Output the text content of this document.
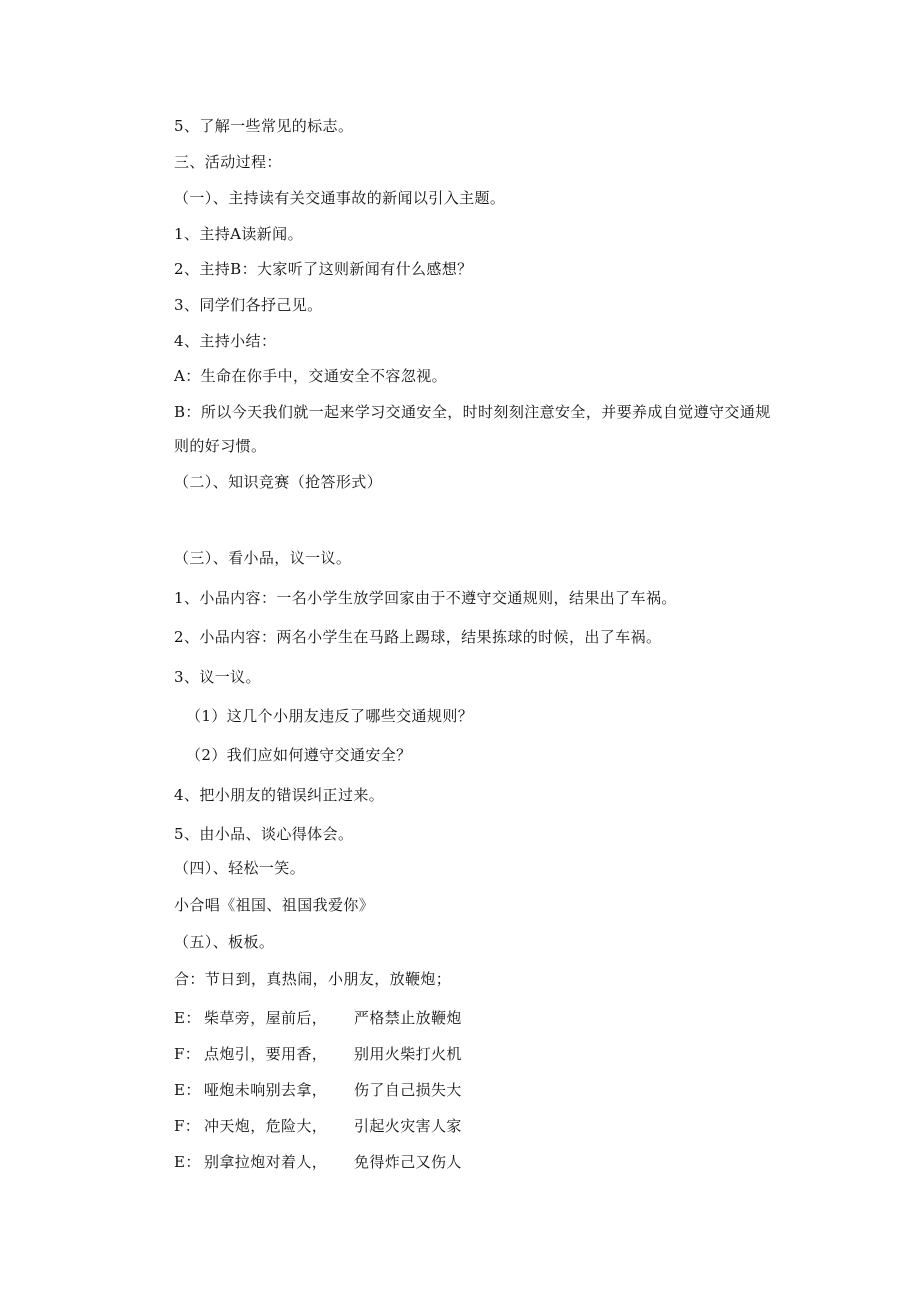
5、了解一些常见的标志。

三、活动过程：

（一）、主持读有关交通事故的新闻以引入主题。

1、主持A读新闻。

2、主持B：大家听了这则新闻有什么感想？

3、同学们各抒己见。

4、主持小结：

A：生命在你手中，交通安全不容忽视。

B：所以今天我们就一起来学习交通安全，时时刻刻注意安全，并要养成自觉遵守交通规

则的好习惯。

（二）、知识竞赛（抢答形式）

（三）、看小品，议一议。

1、小品内容：一名小学生放学回家由于不遵守交通规则，结果出了车祸。

2、小品内容：两名小学生在马路上踢球，结果拣球的时候，出了车祸。

3、议一议。

（1）这几个小朋友违反了哪些交通规则？

（2）我们应如何遵守交通安全？

4、把小朋友的错误纠正过来。

5、由小品、谈心得体会。

（四）、轻松一笑。

小合唱《祖国、祖国我爱你》

（五）、板板。

合：节日到，真热闹，小朋友，放鞭炮；

E： 柴草旁，屋前后， 严格禁止放鞭炮
F： 点炮引，要用香， 别用火柴打火机
E： 哑炮未响别去拿， 伤了自己损失大
F： 冲天炮，危险大， 引起火灾害人家
E： 别拿拉炮对着人， 免得炸己又伤人
